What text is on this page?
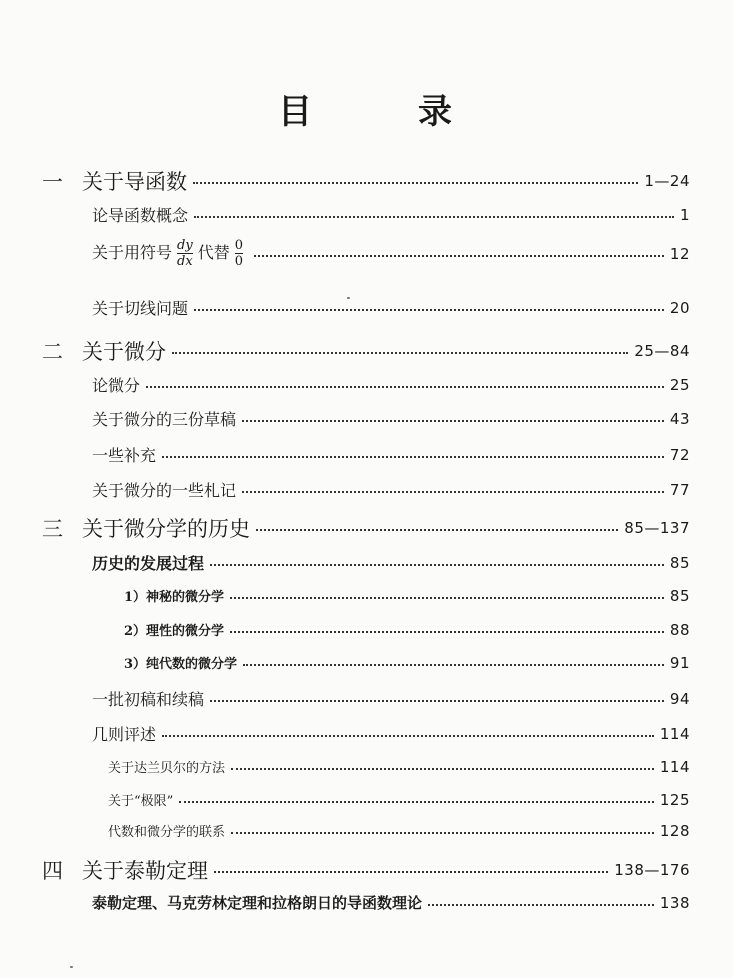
目	录
一 关于导函数	1—24
论导函数概念	1
关于用符号 $\frac{dy}{dx}$ 代替 $\frac{0}{0}$	12
关于切线问题	20
二 关于微分	25—84
论微分	25
关于微分的三份草稿	43
一些补充	72
关于微分的一些札记	77
三 关于微分学的历史	85—137
历史的发展过程	85
1）神秘的微分学	85
2）理性的微分学	88
3）纯代数的微分学	91
一批初稿和续稿	94
几则评述	114
关于达兰贝尔的方法	114
关于“极限”	125
代数和微分学的联系	128
四 关于泰勒定理	138—176
泰勒定理、马克劳林定理和拉格朗日的导函数理论	138
